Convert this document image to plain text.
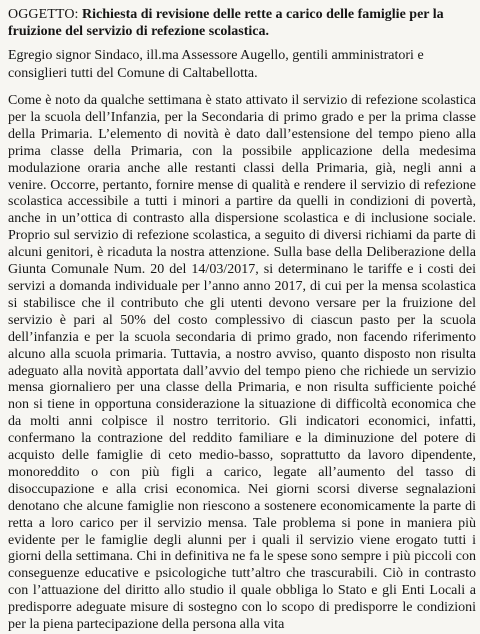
OGGETTO: Richiesta di revisione delle rette a carico delle famiglie per la fruizione del servizio di refezione scolastica.

Egregio signor Sindaco, ill.ma Assessore Augello, gentili amministratori e consiglieri tutti del Comune di Caltabellotta.

Come è noto da qualche settimana è stato attivato il servizio di refezione scolastica per la scuola dell’Infanzia, per la Secondaria di primo grado e per la prima classe della Primaria. L’elemento di novità è dato dall’estensione del tempo pieno alla prima classe della Primaria, con la possibile applicazione della medesima modulazione oraria anche alle restanti classi della Primaria, già, negli anni a venire. Occorre, pertanto, fornire mense di qualità e rendere il servizio di refezione scolastica accessibile a tutti i minori a partire da quelli in condizioni di povertà, anche in un’ottica di contrasto alla dispersione scolastica e di inclusione sociale. Proprio sul servizio di refezione scolastica, a seguito di diversi richiami da parte di alcuni genitori, è ricaduta la nostra attenzione. Sulla base della Deliberazione della Giunta Comunale Num. 20 del 14/03/2017, si determinano le tariffe e i costi dei servizi a domanda individuale per l’anno anno 2017, di cui per la mensa scolastica si stabilisce che il contributo che gli utenti devono versare per la fruizione del servizio è pari al 50% del costo complessivo di ciascun pasto per la scuola dell’infanzia e per la scuola secondaria di primo grado, non facendo riferimento alcuno alla scuola primaria. Tuttavia, a nostro avviso, quanto disposto non risulta adeguato alla novità apportata dall’avvio del tempo pieno che richiede un servizio mensa giornaliero per una classe della Primaria, e non risulta sufficiente poiché non si tiene in opportuna considerazione la situazione di difficoltà economica che da molti anni colpisce il nostro territorio. Gli indicatori economici, infatti, confermano la contrazione del reddito familiare e la diminuzione del potere di acquisto delle famiglie di ceto medio-basso, soprattutto da lavoro dipendente, monoreddito o con più figli a carico, legate all’aumento del tasso di disoccupazione e alla crisi economica. Nei giorni scorsi diverse segnalazioni denotano che alcune famiglie non riescono a sostenere economicamente la parte di retta a loro carico per il servizio mensa. Tale problema si pone in maniera più evidente per le famiglie degli alunni per i quali il servizio viene erogato tutti i giorni della settimana. Chi in definitiva ne fa le spese sono sempre i più piccoli con conseguenze educative e psicologiche tutt’altro che trascurabili. Ciò in contrasto con l’attuazione del diritto allo studio il quale obbliga lo Stato e gli Enti Locali a predisporre adeguate misure di sostegno con lo scopo di predisporre le condizioni per la piena partecipazione della persona alla vita
